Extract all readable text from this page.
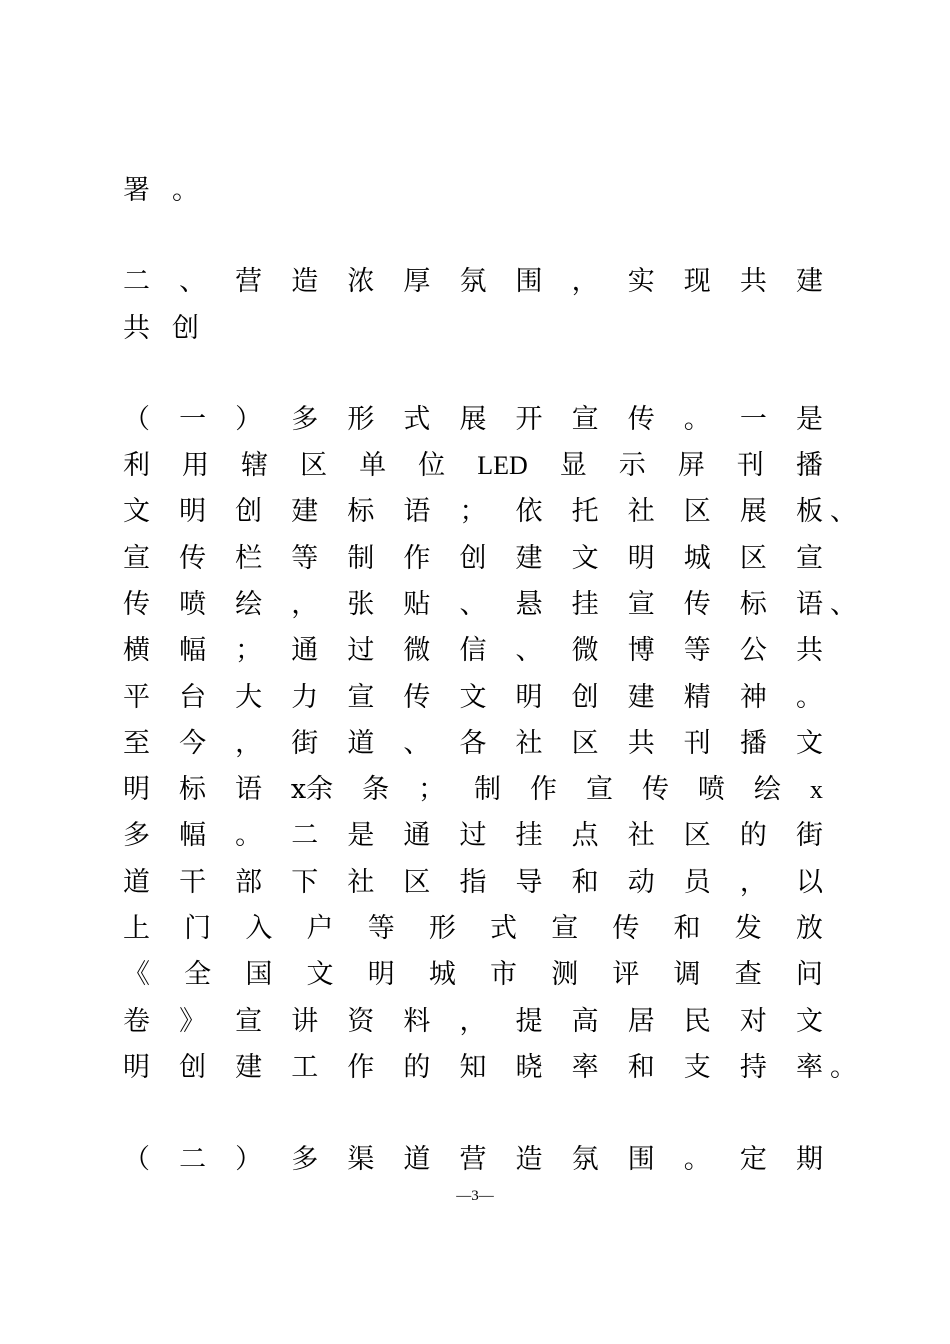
署 。
二 、 营 造 浓 厚 氛 围 ， 实 现 共 建
共 创
（ 一 ） 多 形 式 展 开 宣 传 。 一 是
利 用 辖 区 单 位 LED 显 示 屏 刊 播
文 明 创 建 标 语 ； 依 托 社 区 展 板 、
宣 传 栏 等 制 作 创 建 文 明 城 区 宣
传 喷 绘 ， 张 贴 、 悬 挂 宣 传 标 语 、
横 幅 ； 通 过 微 信 、 微 博 等 公 共
平 台 大 力 宣 传 文 明 创 建 精 神 。
至 今 ， 街 道 、 各 社 区 共 刊 播 文
明 标 语 x余 条 ； 制 作 宣 传 喷 绘 x
多 幅 。 二 是 通 过 挂 点 社 区 的 街
道 干 部 下 社 区 指 导 和 动 员 ， 以
上 门 入 户 等 形 式 宣 传 和 发 放
《 全 国 文 明 城 市 测 评 调 查 问
卷 》 宣 讲 资 料 ， 提 高 居 民 对 文
明 创 建 工 作 的 知 晓 率 和 支 持 率 。
（ 二 ） 多 渠 道 营 造 氛 围 。 定 期
—3—
